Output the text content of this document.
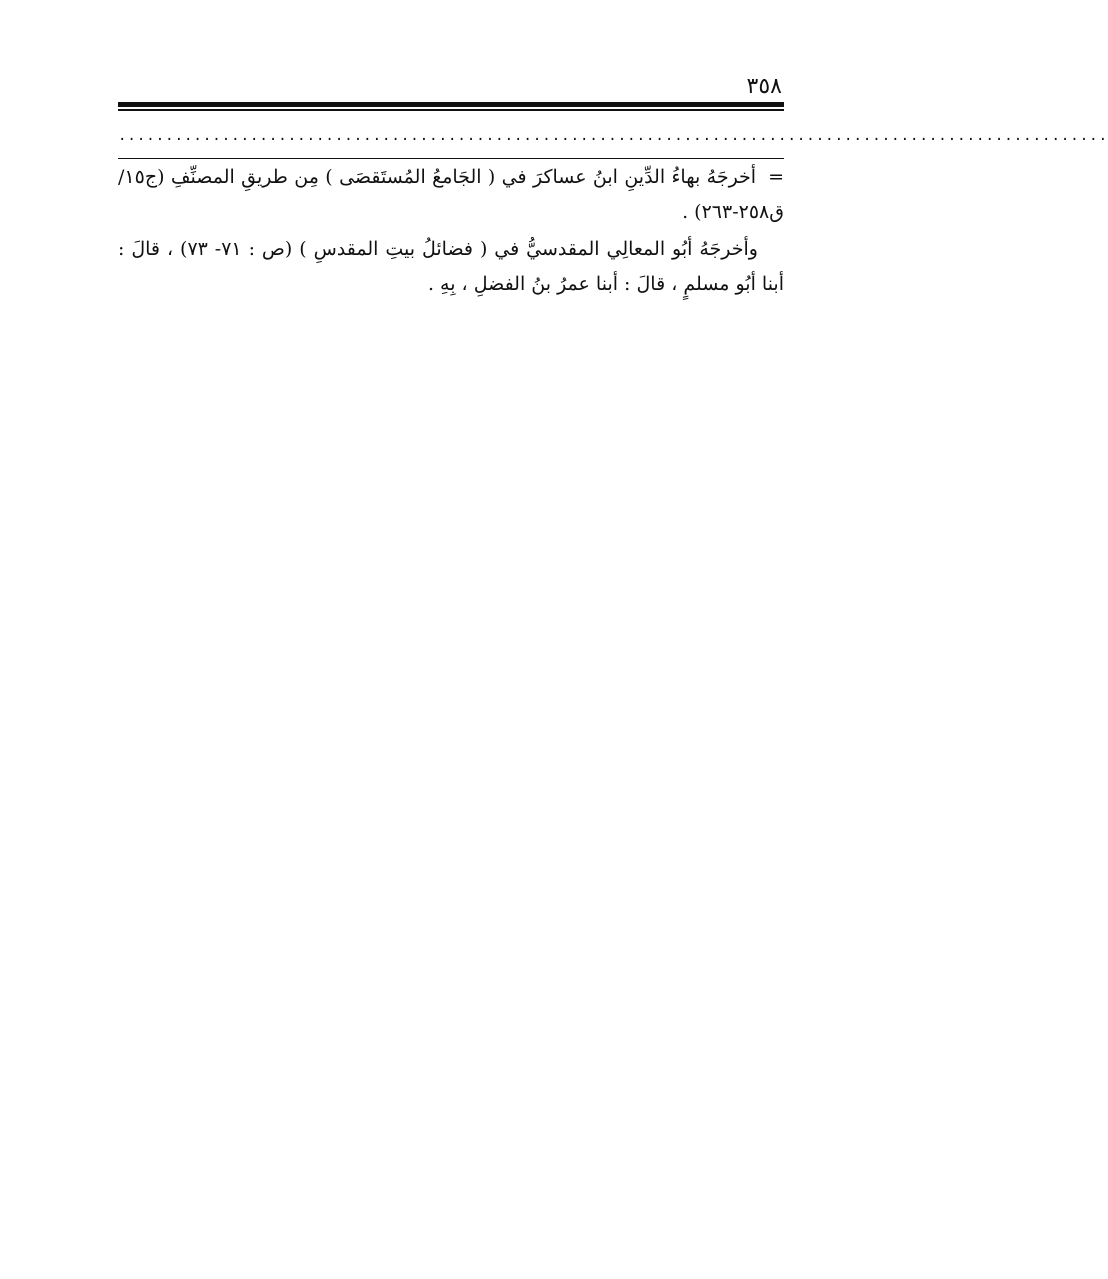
٣٥٨
.........................................................................................................

=أخرجَهُ بهاءُ الدِّينِ ابنُ عساكرَ في ( الجَامعُ المُستَقصَى ) مِن طريقِ المصنِّفِ (ج١٥/ ق٢٥٨-٢٦٣) .

وأخرجَهُ أبُو المعالِي المقدسيُّ في ( فضائلُ بيتِ المقدسِ ) (ص : ٧١- ٧٣) ، قالَ : أبنا أبُو مسلمٍ ، قالَ : أبنا عمرُ بنُ الفضلِ ، بِهِ .
